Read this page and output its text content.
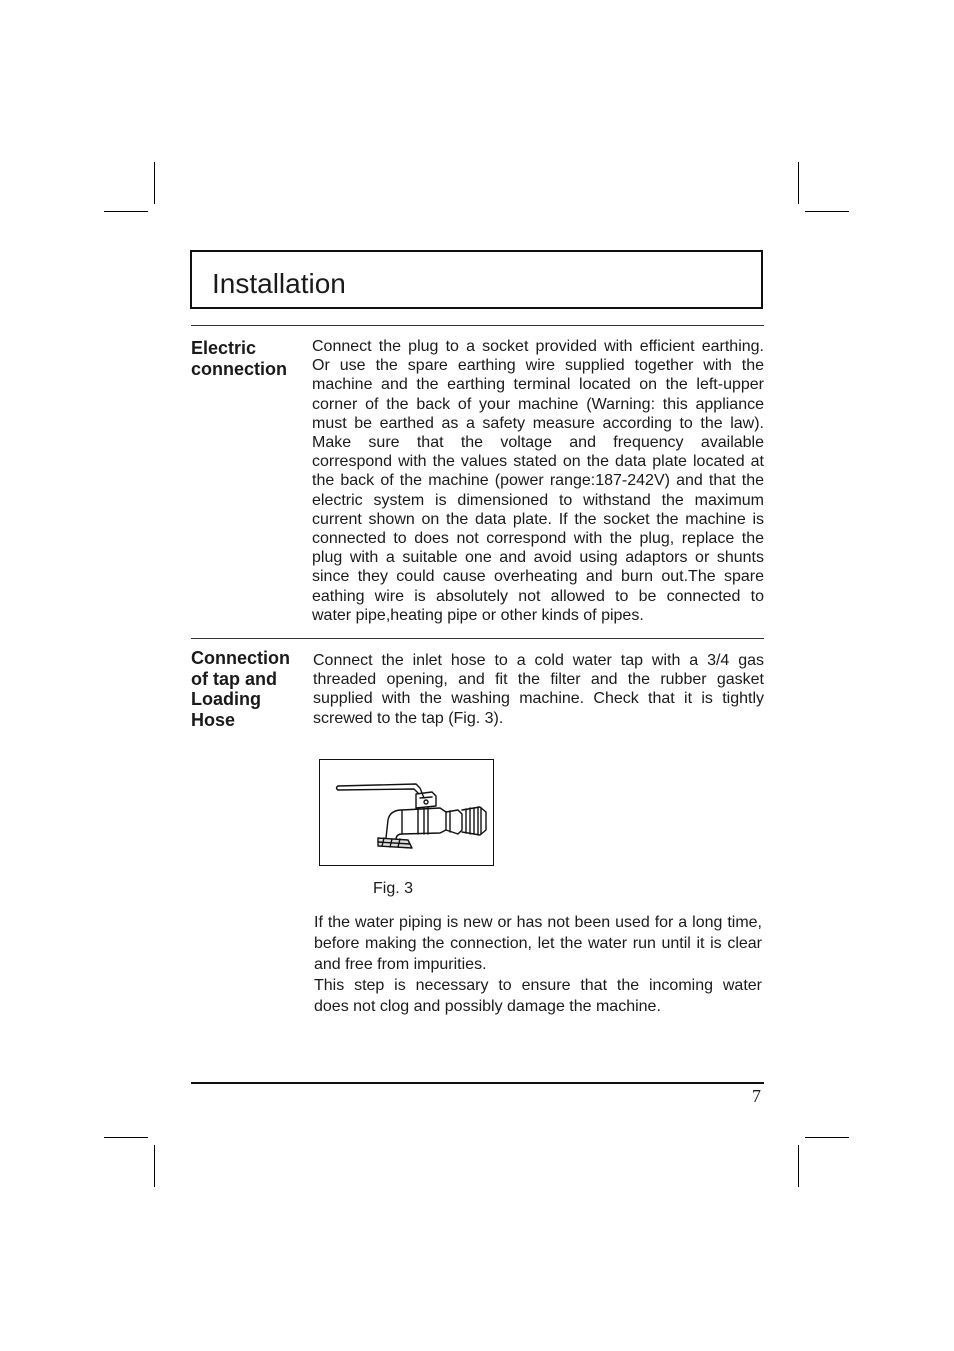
Installation
Electric
connection
Connect the plug to a socket provided with efficient earthing.
Or use the spare earthing wire supplied together with the
machine and the earthing terminal located on the left-upper
corner of the back of your machine (Warning: this appliance
must be earthed as a safety measure according to the law).
Make sure that the voltage and frequency available
correspond with the values stated on the data plate located at
the back of the machine (power range:187-242V) and that the
electric system is dimensioned to withstand the maximum
current shown on the data plate. If the socket the machine is
connected to does not correspond with the plug, replace the
plug with a suitable one and avoid using adaptors or shunts
since they could cause overheating and burn out.The spare
eathing wire is absolutely not allowed to be connected to
water pipe,heating pipe or other kinds of pipes.
Connection
of tap and
Loading
Hose
Connect the inlet hose to a cold water tap with a 3/4 gas
threaded opening, and fit the filter and the rubber gasket
supplied with the washing machine. Check that it is tightly
screwed to the tap (Fig. 3).
Fig. 3
If the water piping is new or has not been used for a long time,
before making the connection, let the water run until it is clear
and free from impurities.
This step is necessary to ensure that the incoming water
does not clog and possibly damage the machine.
7
